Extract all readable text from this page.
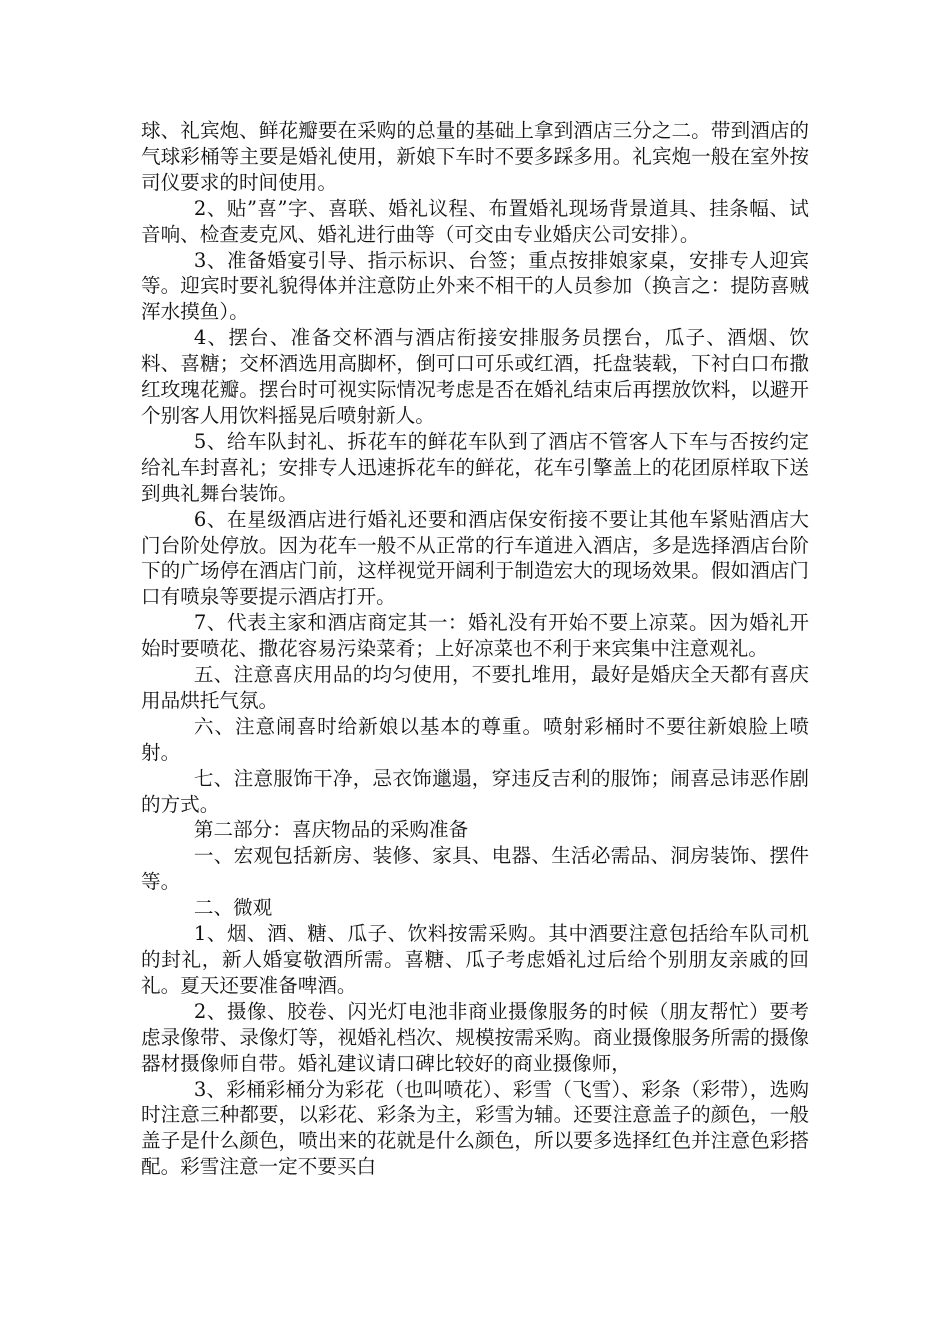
球、礼宾炮、鲜花瓣要在采购的总量的基础上拿到酒店三分之二。带到酒店的气球彩桶等主要是婚礼使用，新娘下车时不要多踩多用。礼宾炮一般在室外按司仪要求的时间使用。

2、贴”喜”字、喜联、婚礼议程、布置婚礼现场背景道具、挂条幅、试音响、检查麦克风、婚礼进行曲等（可交由专业婚庆公司安排）。

3、准备婚宴引导、指示标识、台签；重点按排娘家桌，安排专人迎宾等。迎宾时要礼貌得体并注意防止外来不相干的人员参加（换言之：提防喜贼浑水摸鱼）。

4、摆台、准备交杯酒与酒店衔接安排服务员摆台，瓜子、酒烟、饮料、喜糖；交杯酒选用高脚杯，倒可口可乐或红酒，托盘装载，下衬白口布撒红玫瑰花瓣。摆台时可视实际情况考虑是否在婚礼结束后再摆放饮料，以避开个别客人用饮料摇晃后喷射新人。

5、给车队封礼、拆花车的鲜花车队到了酒店不管客人下车与否按约定给礼车封喜礼；安排专人迅速拆花车的鲜花，花车引擎盖上的花团原样取下送到典礼舞台装饰。

6、在星级酒店进行婚礼还要和酒店保安衔接不要让其他车紧贴酒店大门台阶处停放。因为花车一般不从正常的行车道进入酒店，多是选择酒店台阶下的广场停在酒店门前，这样视觉开阔利于制造宏大的现场效果。假如酒店门口有喷泉等要提示酒店打开。

7、代表主家和酒店商定其一：婚礼没有开始不要上凉菜。因为婚礼开始时要喷花、撒花容易污染菜肴；上好凉菜也不利于来宾集中注意观礼。

五、注意喜庆用品的均匀使用，不要扎堆用，最好是婚庆全天都有喜庆用品烘托气氛。

六、注意闹喜时给新娘以基本的尊重。喷射彩桶时不要往新娘脸上喷射。

七、注意服饰干净，忌衣饰邋遢，穿违反吉利的服饰；闹喜忌讳恶作剧的方式。

第二部分：喜庆物品的采购准备

一、宏观包括新房、装修、家具、电器、生活必需品、洞房装饰、摆件等。

二、微观

1、烟、酒、糖、瓜子、饮料按需采购。其中酒要注意包括给车队司机的封礼，新人婚宴敬酒所需。喜糖、瓜子考虑婚礼过后给个别朋友亲戚的回礼。夏天还要准备啤酒。

2、摄像、胶卷、闪光灯电池非商业摄像服务的时候（朋友帮忙）要考虑录像带、录像灯等，视婚礼档次、规模按需采购。商业摄像服务所需的摄像器材摄像师自带。婚礼建议请口碑比较好的商业摄像师，

3、彩桶彩桶分为彩花（也叫喷花）、彩雪（飞雪）、彩条（彩带），选购时注意三种都要，以彩花、彩条为主，彩雪为辅。还要注意盖子的颜色，一般盖子是什么颜色，喷出来的花就是什么颜色，所以要多选择红色并注意色彩搭配。彩雪注意一定不要买白
